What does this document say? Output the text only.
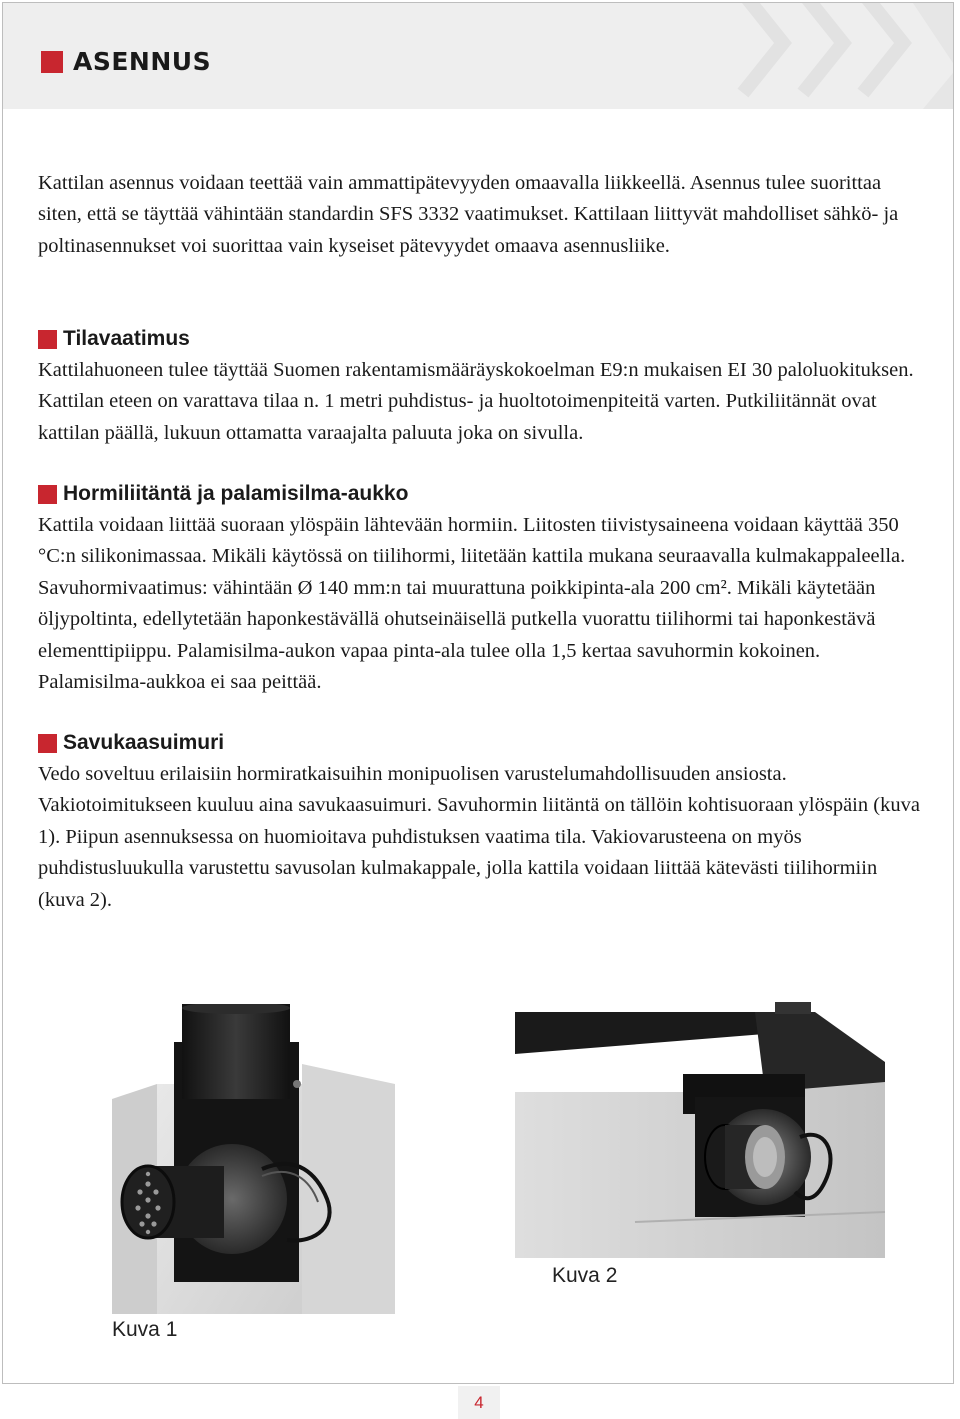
ASENNUS

Kattilan asennus voidaan teettää vain ammattipätevyyden omaavalla liikkeellä. Asennus tulee suorittaa siten, että se täyttää vähintään standardin SFS 3332 vaatimukset. Kattilaan liittyvät mahdolliset sähkö- ja poltinasennukset voi suorittaa vain kyseiset pätevyydet omaava asennusliike.

Tilavaatimus

Kattilahuoneen tulee täyttää Suomen rakentamismääräyskokoelman E9:n mukaisen EI 30 paloluokituksen. Kattilan eteen on varattava tilaa n. 1 metri puhdistus- ja huoltotoimenpiteitä varten. Putkiliitännät ovat kattilan päällä, lukuun ottamatta varaajalta paluuta joka on sivulla.

Hormiliitäntä ja palamisilma-aukko

Kattila voidaan liittää suoraan ylöspäin lähtevään hormiin. Liitosten tiivistysaineena voidaan käyttää 350 °C:n silikonimassaa. Mikäli käytössä on tiilihormi, liitetään kattila mukana seuraavalla kulmakappaleella. Savuhormivaatimus: vähintään Ø 140 mm:n tai muurattuna poikkipinta-ala 200 cm². Mikäli käytetään öljypoltinta, edellytetään haponkestävällä ohutseinäisellä putkella vuorattu tiilihormi tai haponkestävä elementtipiippu. Palamisilma-aukon vapaa pinta-ala tulee olla 1,5 kertaa savuhormin kokoinen. Palamisilma-aukkoa ei saa peittää.

Savukaasuimuri

Vedo soveltuu erilaisiin hormiratkaisuihin monipuolisen varustelumahdollisuuden ansiosta. Vakiotoimitukseen kuuluu aina savukaasuimuri. Savuhormin liitäntä on tällöin kohtisuoraan ylöspäin (kuva 1). Piipun asennuksessa on huomioitava puhdistuksen vaatima tila. Vakiovarusteena on myös puhdistusluukulla varustettu savusolan kulmakappale, jolla kattila voidaan liittää kätevästi tiilihormiin (kuva 2).

Kuva 1
Kuva 2
4
